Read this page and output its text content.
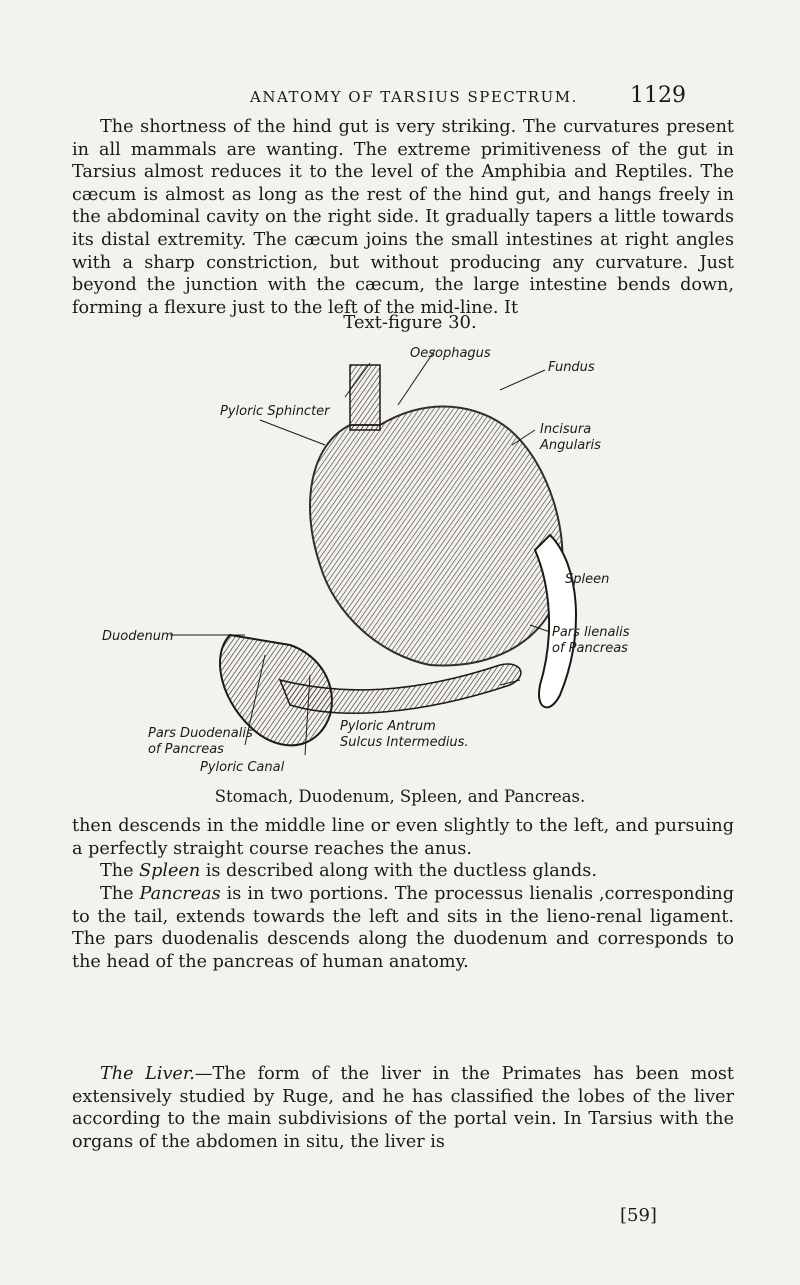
ANATOMY OF TARSIUS SPECTRUM.	1129

The shortness of the hind gut is very striking. The curvatures present in all mammals are wanting. The extreme primitiveness of the gut in Tarsius almost reduces it to the level of the Amphibia and Reptiles. The cæcum is almost as long as the rest of the hind gut, and hangs freely in the abdominal cavity on the right side. It gradually tapers a little towards its distal extremity. The cæcum joins the small intestines at right angles with a sharp constriction, but without producing any curvature. Just beyond the junction with the cæcum, the large intestine bends down, forming a flexure just to the left of the mid-line. It

Text-figure 30.
Oesophagus
Fundus
Pyloric Sphincter
Incisura
Angularis
Duodenum
Spleen
Pars lienalis
of Pancreas
Pars Duodenalis
of Pancreas
Pyloric Antrum
Sulcus Intermedius.
Pyloric Canal
Stomach, Duodenum, Spleen, and Pancreas.

then descends in the middle line or even slightly to the left, and pursuing a perfectly straight course reaches the anus.

The Spleen is described along with the ductless glands.

The Pancreas is in two portions. The processus lienalis ,corresponding to the tail, extends towards the left and sits in the lieno-renal ligament. The pars duodenalis descends along the duodenum and corresponds to the head of the pancreas of human anatomy.

The Liver.—The form of the liver in the Primates has been most extensively studied by Ruge, and he has classified the lobes of the liver according to the main subdivisions of the portal vein. In Tarsius with the organs of the abdomen in situ, the liver is

[59]
